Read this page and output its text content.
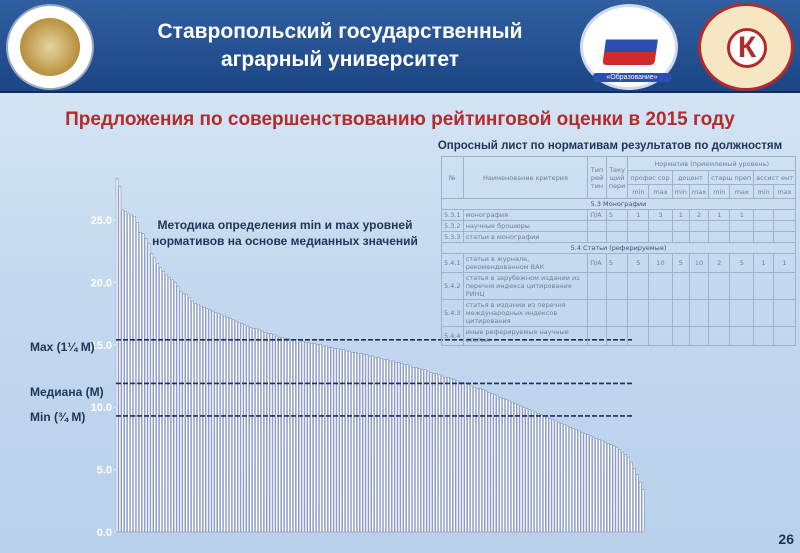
Ставропольский государственный
аграрный университет
«Образование»
К
Предложения по совершенствованию рейтинговой оценки в 2015 году
Опросный лист по нормативам результатов по должностям
0.0
5.0
10.0
15.0
20.0
25.0	Методика определения min и max уровней
нормативов на основе медианных значений
Max (1¼ M)
Медиана (M)
Min (¾ M)
№	Наименование критерия	Тип рей тин	Теку щий пери	Норматив (приемлемый уровень)							
				профес сор		доцент		старш преп		ассист ент	
				min	max	min	max	min	max	min	max
5.3 Монографии											
5.3.1	монография	П/А	5	1	3	1	2	1	1		
5.3.2	научные брошюры										
5.3.3	статьи в монографии										
5.4 Статьи (реферируемые)											
5.4.1	статьи в журнале, рекомендованном ВАК	П/А	5	5	10	5	10	2	5	1	1
5.4.2	статья в зарубежном издании из перечня индекса цитирования РИНЦ										
5.4.3	статья в издании из перечня международных индексов цитирования										
5.4.4	иные реферируемые научные статьи										
26
